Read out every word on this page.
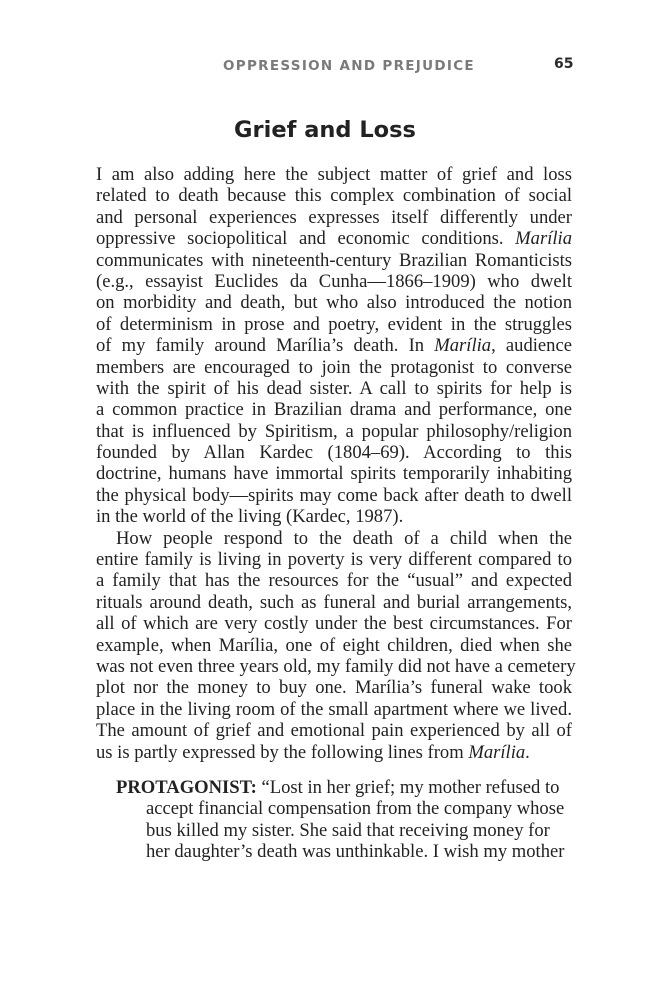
OPPRESSION AND PREJUDICE	65
Grief and Loss
I am also adding here the subject matter of grief and loss
related to death because this complex combination of social
and personal experiences expresses itself differently under
oppressive sociopolitical and economic conditions. Marília
communicates with nineteenth-century Brazilian Romanticists
(e.g., essayist Euclides da Cunha—1866–1909) who dwelt
on morbidity and death, but who also introduced the notion
of determinism in prose and poetry, evident in the struggles
of my family around Marília’s death. In Marília, audience
members are encouraged to join the protagonist to converse
with the spirit of his dead sister. A call to spirits for help is
a common practice in Brazilian drama and performance, one
that is influenced by Spiritism, a popular philosophy/religion
founded by Allan Kardec (1804–69). According to this
doctrine, humans have immortal spirits temporarily inhabiting
the physical body—spirits may come back after death to dwell
in the world of the living (Kardec, 1987).
How people respond to the death of a child when the
entire family is living in poverty is very different compared to
a family that has the resources for the “usual” and expected
rituals around death, such as funeral and burial arrangements,
all of which are very costly under the best circumstances. For
example, when Marília, one of eight children, died when she
was not even three years old, my family did not have a cemetery
plot nor the money to buy one. Marília’s funeral wake took
place in the living room of the small apartment where we lived.
The amount of grief and emotional pain experienced by all of
us is partly expressed by the following lines from Marília.
PROTAGONIST: “Lost in her grief; my mother refused to
accept financial compensation from the company whose
bus killed my sister. She said that receiving money for
her daughter’s death was unthinkable. I wish my mother
